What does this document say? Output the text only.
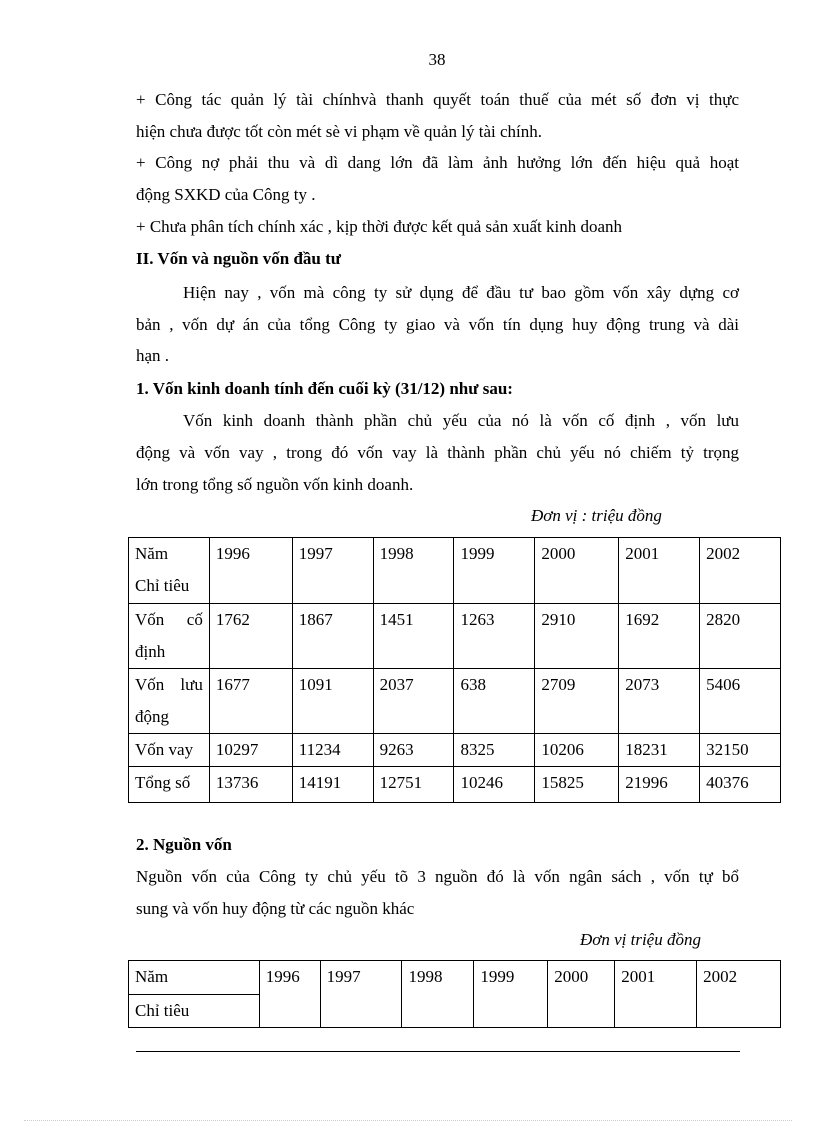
38
+ Công tác quản lý tài chínhvà thanh quyết toán thuế của mét số đơn vị thực
hiện chưa được tốt còn mét sè vi phạm về quản lý tài chính.
+ Công nợ phải thu và dì dang lớn đã làm ảnh hưởng lớn đến hiệu quả hoạt
động SXKD của Công ty .
+ Chưa phân tích chính xác , kịp thời được kết quả sản xuất kinh doanh
II. Vốn và nguồn vốn đầu tư
Hiện nay , vốn mà công ty sử dụng để đầu tư bao gồm vốn xây dựng cơ
bản , vốn dự án của tổng Công ty giao và vốn tín dụng huy động trung và dài
hạn .
1. Vốn kinh doanh tính đến cuối kỳ (31/12) như sau:
Vốn kinh doanh thành phần chủ yếu của nó là vốn cố định , vốn lưu
động và vốn vay , trong đó vốn vay là thành phần chủ yếu nó chiếm tỷ trọng
lớn trong tổng số nguồn vốn kinh doanh.
Đơn vị : triệu đồng
Năm
Chỉ tiêu	1996	1997	1998	1999	2000	2001	2002

Vốn cố
định	1762	1867	1451	1263	2910	1692	2820

Vốn lưu
động	1677	1091	2037	638	2709	2073	5406
Vốn vay	10297	11234	9263	8325	10206	18231	32150
Tổng số	13736	14191	12751	10246	15825	21996	40376
2. Nguồn vốn
Nguồn vốn của Công ty chủ yếu tõ 3 nguồn đó là vốn ngân sách , vốn tự bổ
sung và vốn huy động từ các nguồn khác
Đơn vị triệu đồng
Năm	1996	1997	1998	1999	2000	2001	2002
Chỉ tiêu
